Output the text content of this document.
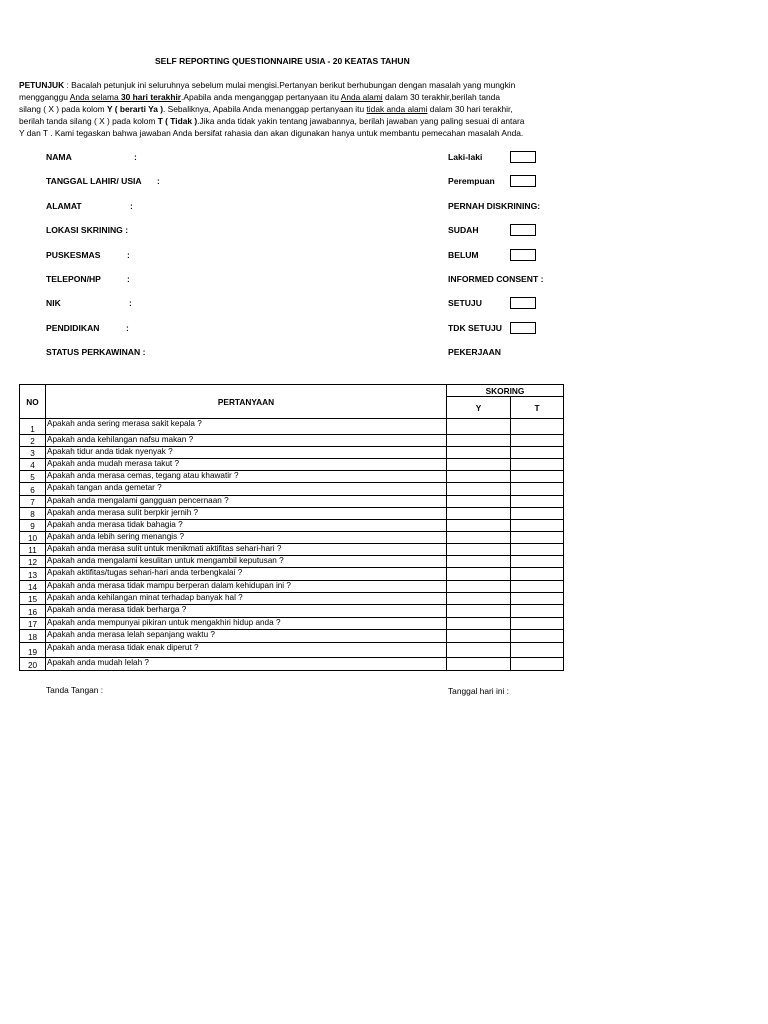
SELF REPORTING QUESTIONNAIRE USIA - 20 KEATAS TAHUN
PETUNJUK : Bacalah petunjuk ini seluruhnya sebelum mulai mengisi.Pertanyan berikut berhubungan dengan masalah yang mungkin
mengganggu Anda selama 30 hari terakhir.Apabila anda menganggap pertanyaan itu Anda alami dalam 30 terakhir,berilah tanda
silang ( X ) pada kolom Y ( berarti Ya ). Sebaliknya, Apabila Anda menanggap pertanyaan itu tidak anda alami dalam 30 hari terakhir,
berilah tanda silang ( X ) pada kolom T ( Tidak ).Jika anda tidak yakin tentang jawabannya, berilah jawaban yang paling sesuai di antara
Y dan T . Kami tegaskan bahwa jawaban Anda bersifat rahasia dan akan digunakan hanya untuk membantu pemecahan masalah Anda.
NAMA	:
TANGGAL LAHIR/ USIA :
ALAMAT	:
LOKASI SKRINING :
PUSKESMAS	:
TELEPON/HP	:
NIK	:
PENDIDIKAN	:
STATUS PERKAWINAN :
Laki-laki
Perempuan
PERNAH DISKRINING:
SUDAH
BELUM
INFORMED CONSENT :
SETUJU
TDK SETUJU
PEKERJAAN
NO	PERTANYAAN	SKORING	
		Y	T
1	Apakah anda sering merasa sakit kepala ?		
2	Apakah anda kehilangan nafsu makan ?		
3	Apakah tidur anda tidak nyenyak ?		
4	Apakah anda mudah merasa takut ?		
5	Apakah anda merasa cemas, tegang atau khawatir ?		
6	Apakah tangan anda gemetar ?		
7	Apakah anda mengalami gangguan pencernaan ?		
8	Apakah anda merasa sulit berpkir jernih ?		
9	Apakah anda merasa tidak bahagia ?		
10	Apakah anda lebih sering menangis ?		
11	Apakah anda merasa sulit untuk menikmati aktifitas sehari-hari ?		
12	Apakah anda mengalami kesulitan untuk mengambil keputusan ?		
13	Apakah aktifitas/tugas sehari-hari anda terbengkalai ?		
14	Apakah anda merasa tidak mampu berperan dalam kehidupan ini ?		
15	Apakah anda kehilangan minat terhadap banyak hal ?		
16	Apakah anda merasa tidak berharga ?		
17	Apakah anda mempunyai pikiran untuk mengakhiri hidup anda ?		
18	Apakah anda merasa lelah sepanjang waktu ?		
19	Apakah anda merasa tidak enak diperut ?		
20	Apakah anda mudah lelah ?		
Tanda Tangan :	Tanggal hari ini :
